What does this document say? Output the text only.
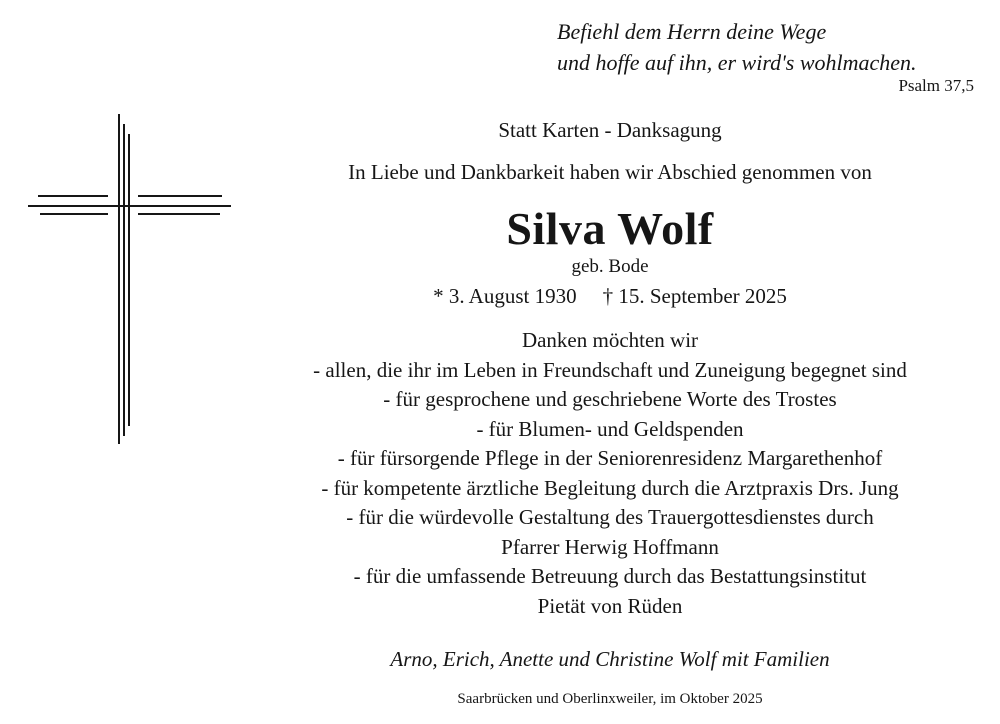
Befiehl dem Herrn deine Wege
und hoffe auf ihn, er wird's wohlmachen.
Psalm 37,5
Statt Karten - Danksagung
In Liebe und Dankbarkeit haben wir Abschied genommen von
Silva Wolf
geb. Bode
* 3. August 1930 † 15. September 2025
Danken möchten wir
- allen, die ihr im Leben in Freundschaft und Zuneigung begegnet sind
- für gesprochene und geschriebene Worte des Trostes
- für Blumen- und Geldspenden
- für fürsorgende Pflege in der Seniorenresidenz Margarethenhof
- für kompetente ärztliche Begleitung durch die Arztpraxis Drs. Jung
- für die würdevolle Gestaltung des Trauergottesdienstes durch
Pfarrer Herwig Hoffmann
- für die umfassende Betreuung durch das Bestattungsinstitut
Pietät von Rüden
Arno, Erich, Anette und Christine Wolf mit Familien
Saarbrücken und Oberlinxweiler, im Oktober 2025
